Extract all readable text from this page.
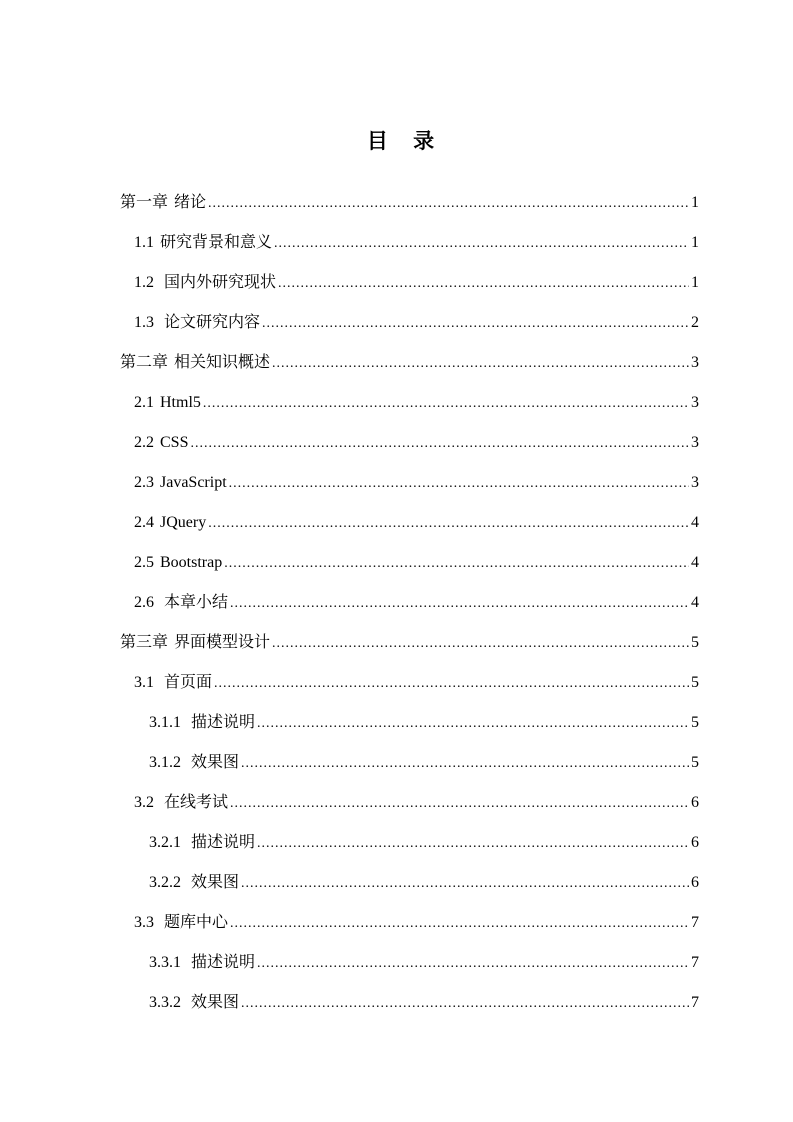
目 录
第一章 绪论 .....	1
1.1 研究背景和意义 .....	1
1.2 国内外研究现状 .....	1
1.3 论文研究内容 .....	2
第二章 相关知识概述 .....	3
2.1 Html5 .....	3
2.2 CSS .....	3
2.3 JavaScript .....	3
2.4 JQuery .....	4
2.5 Bootstrap .....	4
2.6 本章小结 .....	4
第三章 界面模型设计 .....	5
3.1 首页面 .....	5
3.1.1 描述说明 .....	5
3.1.2 效果图 .....	5
3.2 在线考试 .....	6
3.2.1 描述说明 .....	6
3.2.2 效果图 .....	6
3.3 题库中心 .....	7
3.3.1 描述说明 .....	7
3.3.2 效果图 .....	7
